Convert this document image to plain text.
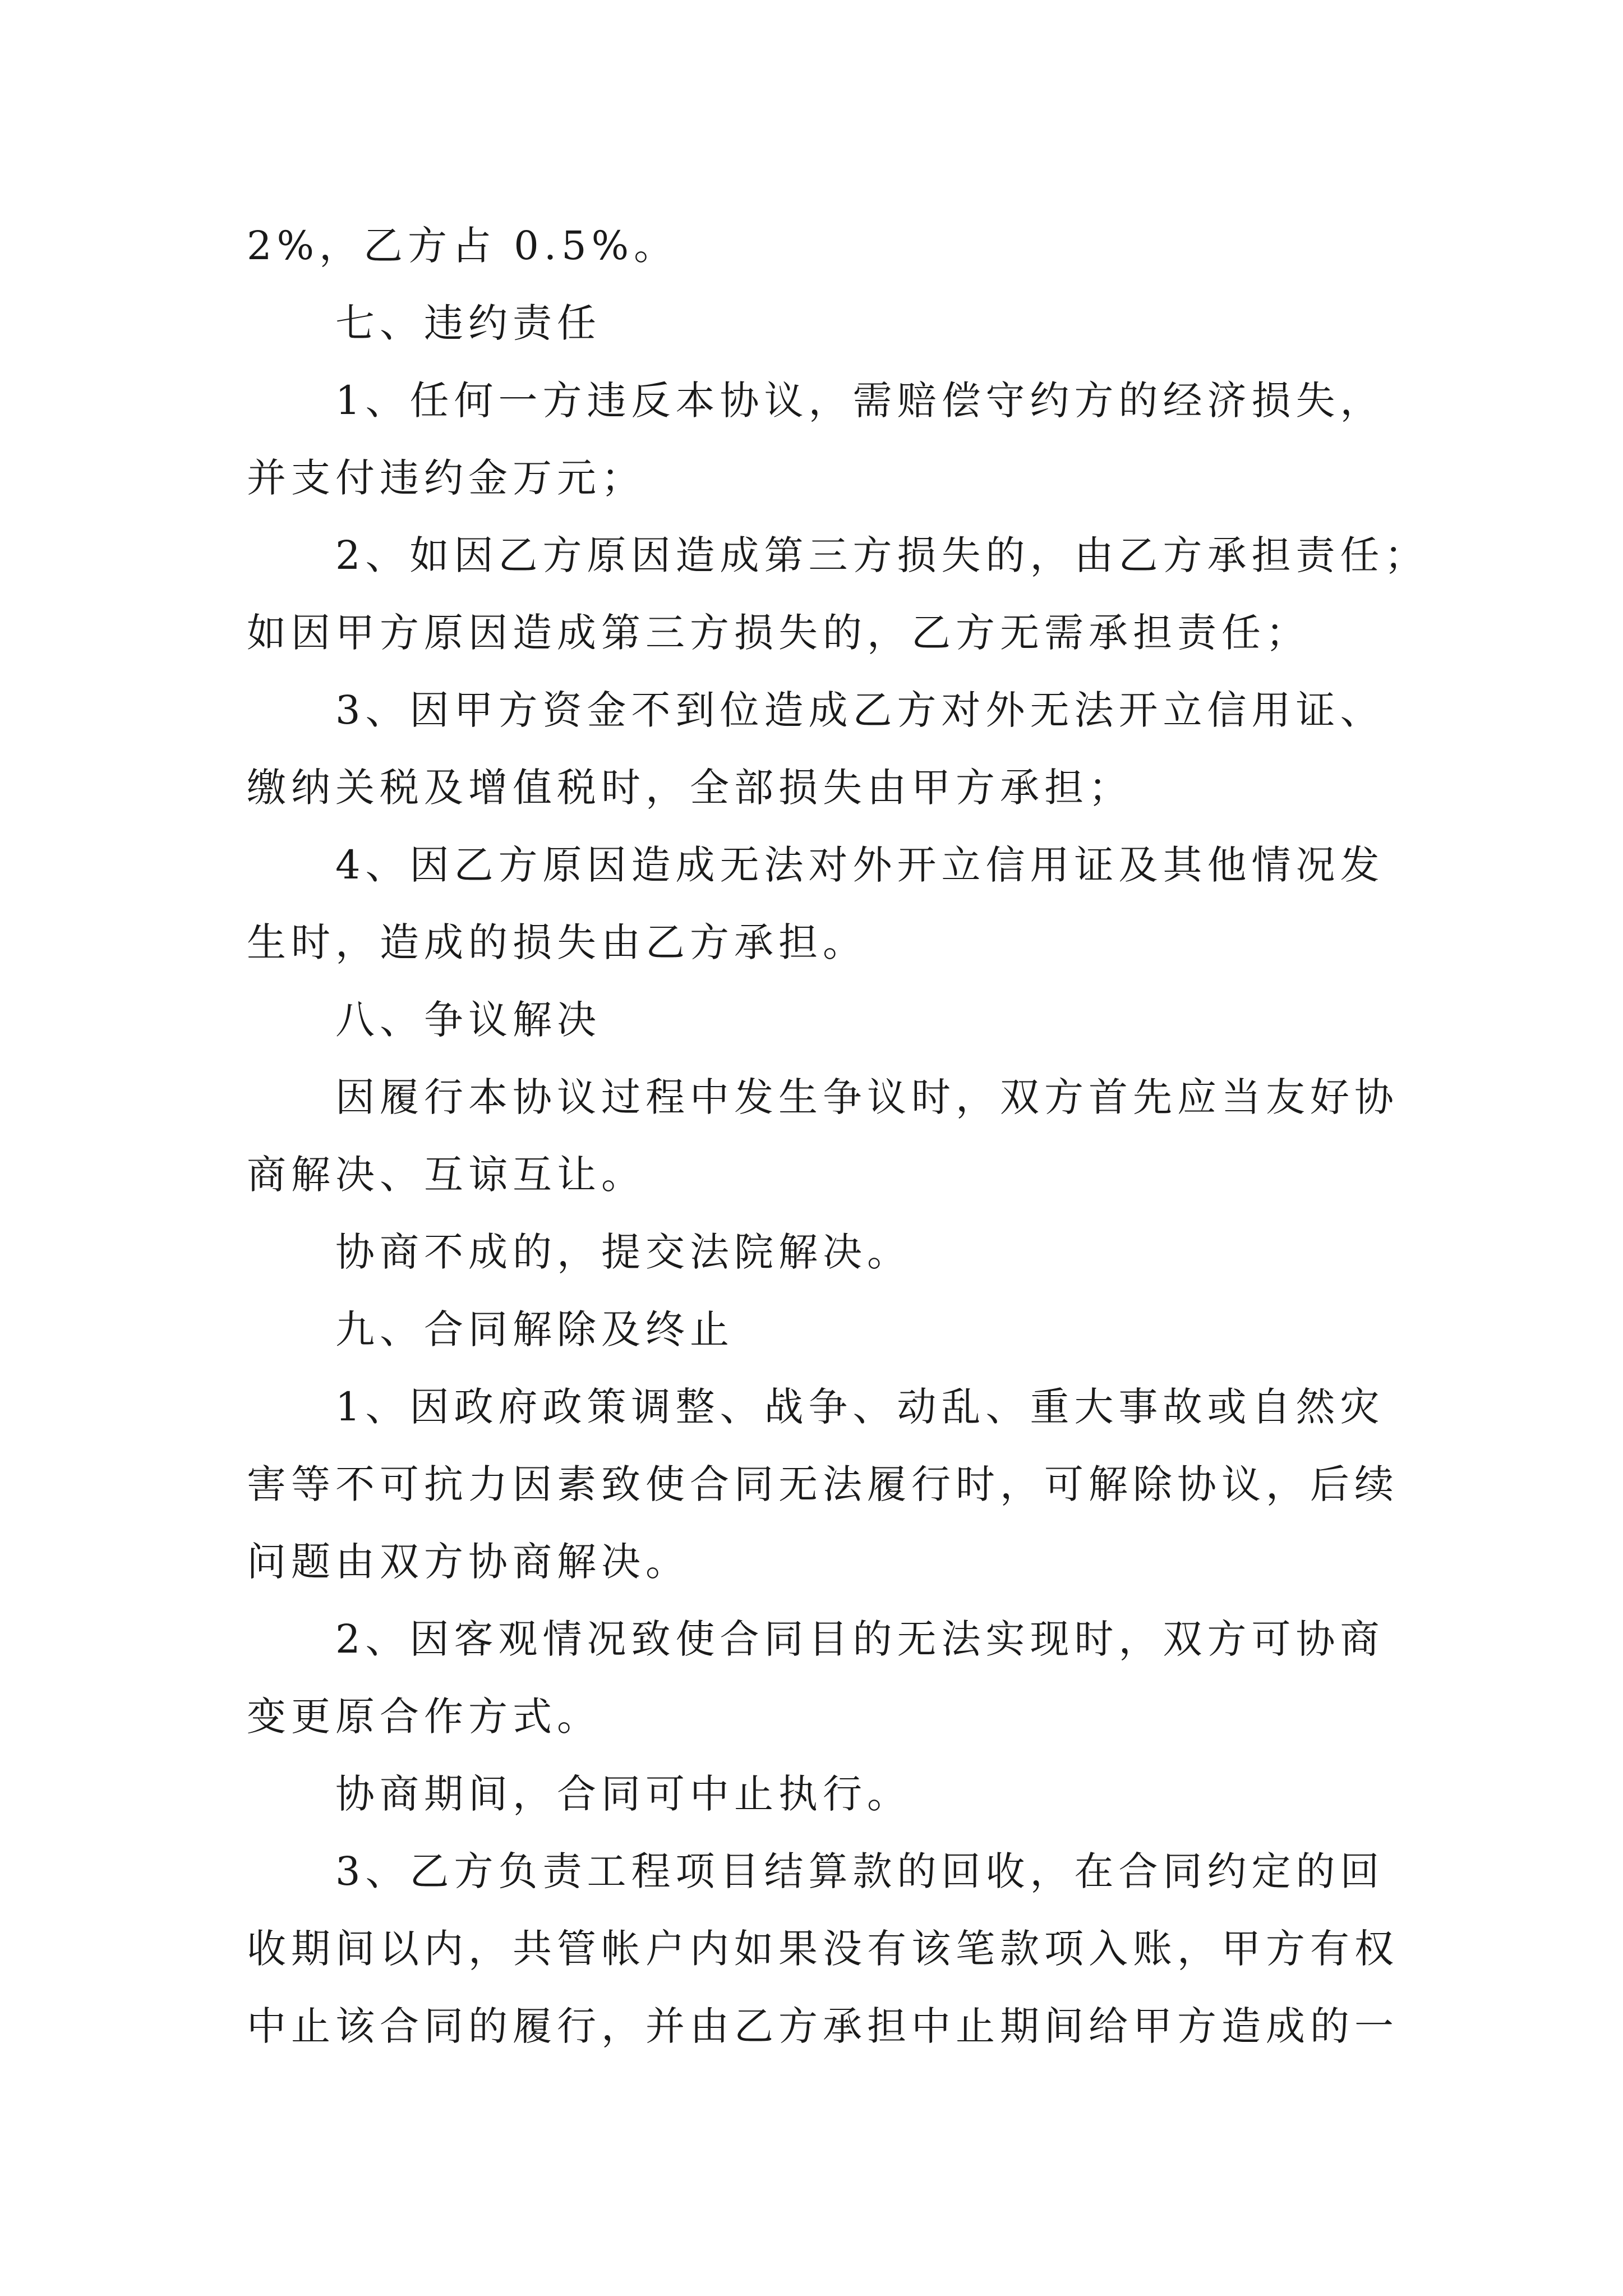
2%，乙方占 0.5%。
七、违约责任
1、任何一方违反本协议，需赔偿守约方的经济损失，
并支付违约金万元；
2、如因乙方原因造成第三方损失的，由乙方承担责任；
如因甲方原因造成第三方损失的，乙方无需承担责任；
3、因甲方资金不到位造成乙方对外无法开立信用证、
缴纳关税及增值税时，全部损失由甲方承担；
4、因乙方原因造成无法对外开立信用证及其他情况发
生时，造成的损失由乙方承担。
八、争议解决
因履行本协议过程中发生争议时，双方首先应当友好协
商解决、互谅互让。
协商不成的，提交法院解决。
九、合同解除及终止
1、因政府政策调整、战争、动乱、重大事故或自然灾
害等不可抗力因素致使合同无法履行时，可解除协议，后续
问题由双方协商解决。
2、因客观情况致使合同目的无法实现时，双方可协商
变更原合作方式。
协商期间，合同可中止执行。
3、乙方负责工程项目结算款的回收，在合同约定的回
收期间以内，共管帐户内如果没有该笔款项入账，甲方有权
中止该合同的履行，并由乙方承担中止期间给甲方造成的一
